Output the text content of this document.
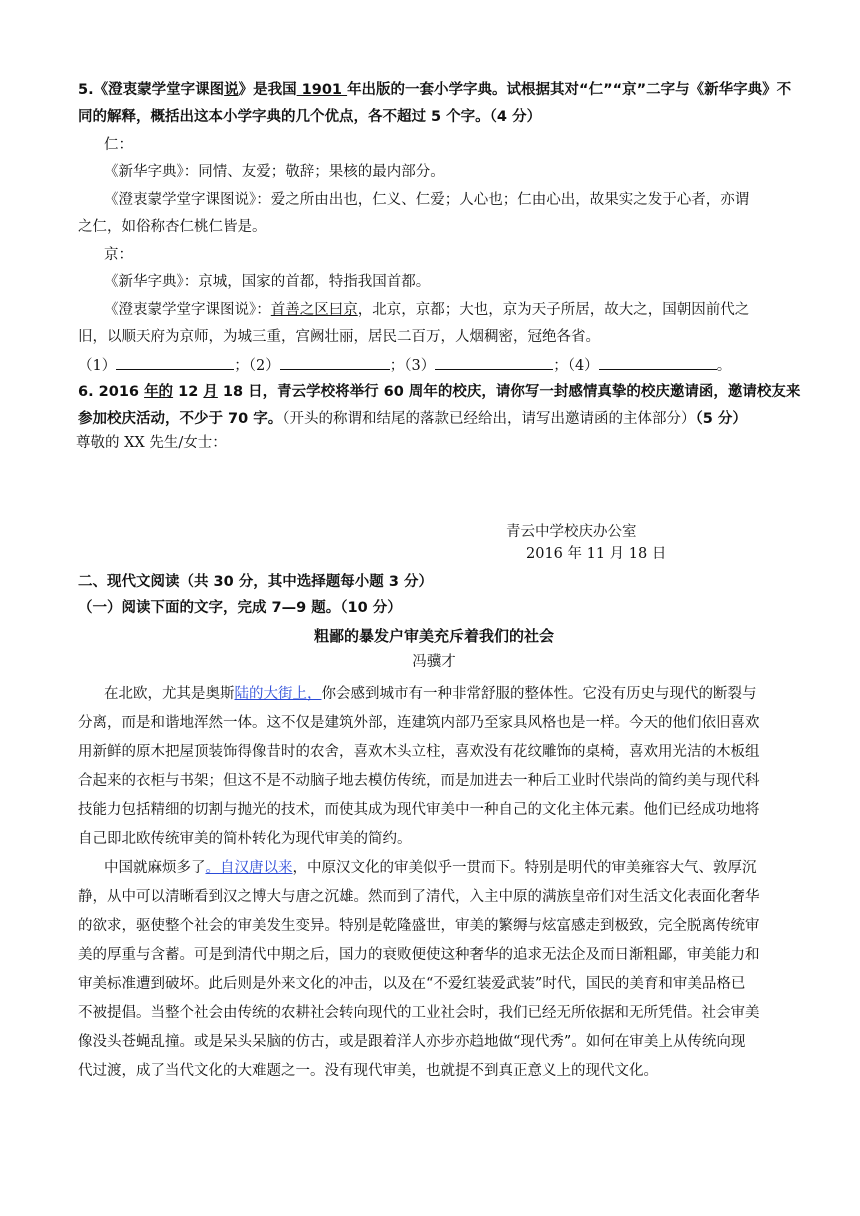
5.《澄衷蒙学堂字课图说》是我国 1901 年出版的一套小学字典。试根据其对“仁”“京”二字与《新华字典》不
同的解释，概括出这本小学字典的几个优点，各不超过 5 个字。（4 分）
仁：
《新华字典》：同情、友爱；敬辞；果核的最内部分。
《澄衷蒙学堂字课图说》：爱之所由出也，仁义、仁爱；人心也；仁由心出，故果实之发于心者，亦谓
之仁，如俗称杏仁桃仁皆是。
京：
《新华字典》：京城，国家的首都，特指我国首都。
《澄衷蒙学堂字课图说》：首善之区曰京，北京，京都；大也，京为天子所居，故大之，国朝因前代之
旧，以顺天府为京师，为城三重，宫阙壮丽，居民二百万，人烟稠密，冠绝各省。
（1）	；（2）	；（3）	；（4）	。
6. 2016 年的 12 月 18 日，青云学校将举行 60 周年的校庆，请你写一封感情真挚的校庆邀请函，邀请校友来
参加校庆活动，不少于 70 字。（开头的称谓和结尾的落款已经给出，请写出邀请函的主体部分）（5 分）
尊敬的 XX 先生/女士：
青云中学校庆办公室
2016 年 11 月 18 日
二、现代文阅读（共 30 分，其中选择题每小题 3 分）
（一）阅读下面的文字，完成 7—9 题。（10 分）
粗鄙的暴发户审美充斥着我们的社会
冯骥才
在北欧，尤其是奥斯陆的大街上，你会感到城市有一种非常舒服的整体性。它没有历史与现代的断裂与
分离，而是和谐地浑然一体。这不仅是建筑外部，连建筑内部乃至家具风格也是一样。今天的他们依旧喜欢
用新鲜的原木把屋顶装饰得像昔时的农舍，喜欢木头立柱，喜欢没有花纹雕饰的桌椅，喜欢用光洁的木板组
合起来的衣柜与书架；但这不是不动脑子地去模仿传统，而是加进去一种后工业时代崇尚的简约美与现代科
技能力包括精细的切割与抛光的技术，而使其成为现代审美中一种自己的文化主体元素。他们已经成功地将
自己即北欧传统审美的简朴转化为现代审美的简约。
中国就麻烦多了。自汉唐以来，中原汉文化的审美似乎一贯而下。特别是明代的审美雍容大气、敦厚沉
静，从中可以清晰看到汉之博大与唐之沉雄。然而到了清代，入主中原的满族皇帝们对生活文化表面化奢华
的欲求，驱使整个社会的审美发生变异。特别是乾隆盛世，审美的繁缛与炫富感走到极致，完全脱离传统审
美的厚重与含蓄。可是到清代中期之后，国力的衰败便使这种奢华的追求无法企及而日渐粗鄙，审美能力和
审美标准遭到破坏。此后则是外来文化的冲击，以及在“不爱红装爱武装”时代，国民的美育和审美品格已
不被提倡。当整个社会由传统的农耕社会转向现代的工业社会时，我们已经无所依据和无所凭借。社会审美
像没头苍蝇乱撞。或是呆头呆脑的仿古，或是跟着洋人亦步亦趋地做“现代秀”。如何在审美上从传统向现
代过渡，成了当代文化的大难题之一。没有现代审美，也就提不到真正意义上的现代文化。
